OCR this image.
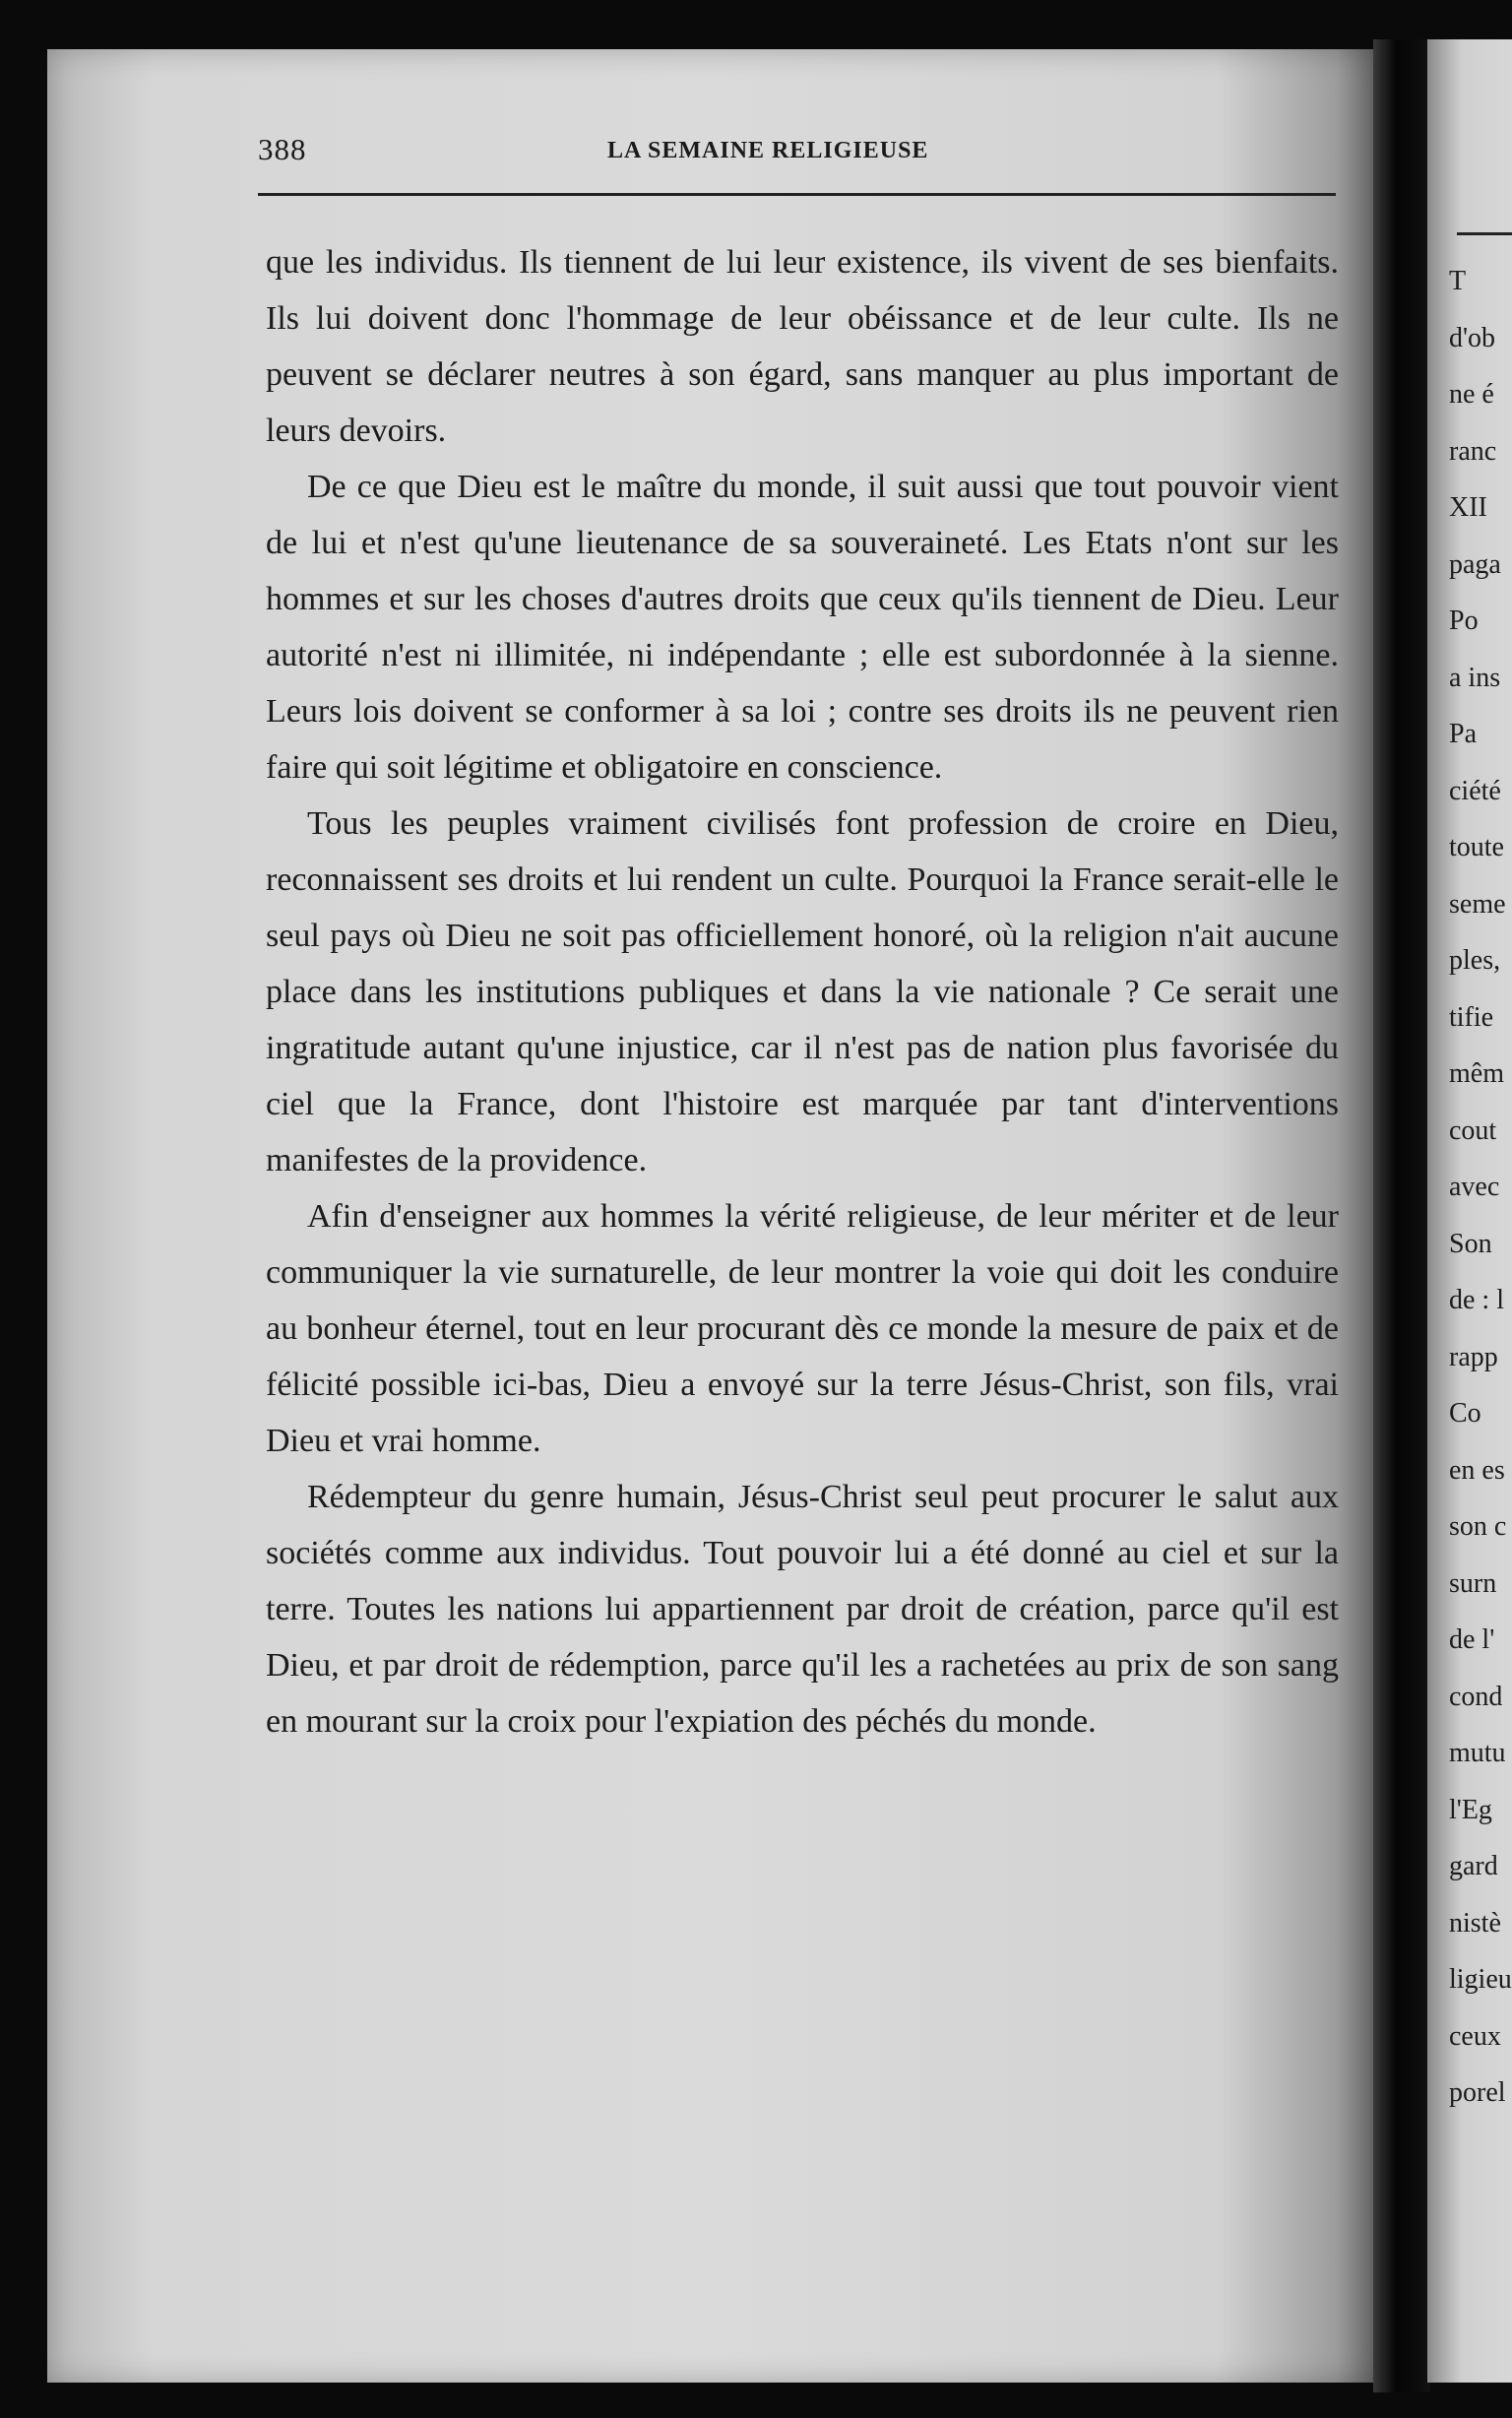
388	LA SEMAINE RELIGIEUSE

que les individus. Ils tiennent de lui leur existence, ils vivent de ses bienfaits. Ils lui doivent donc l'hommage de leur obéissance et de leur culte. Ils ne peuvent se déclarer neutres à son égard, sans manquer au plus important de leurs devoirs.

De ce que Dieu est le maître du monde, il suit aussi que tout pouvoir vient de lui et n'est qu'une lieutenance de sa souveraineté. Les Etats n'ont sur les hommes et sur les choses d'autres droits que ceux qu'ils tiennent de Dieu. Leur autorité n'est ni illimitée, ni indépendante ; elle est subordonnée à la sienne. Leurs lois doivent se conformer à sa loi ; contre ses droits ils ne peuvent rien faire qui soit légitime et obligatoire en conscience.

Tous les peuples vraiment civilisés font profession de croire en Dieu, reconnaissent ses droits et lui rendent un culte. Pourquoi la France serait-elle le seul pays où Dieu ne soit pas officiellement honoré, où la religion n'ait aucune place dans les institutions publiques et dans la vie nationale ? Ce serait une ingratitude autant qu'une injustice, car il n'est pas de nation plus favorisée du ciel que la France, dont l'histoire est marquée par tant d'interventions manifestes de la providence.

Afin d'enseigner aux hommes la vérité religieuse, de leur mériter et de leur communiquer la vie surnaturelle, de leur montrer la voie qui doit les conduire au bonheur éternel, tout en leur procurant dès ce monde la mesure de paix et de félicité possible ici-bas, Dieu a envoyé sur la terre Jésus-Christ, son fils, vrai Dieu et vrai homme.

Rédempteur du genre humain, Jésus-Christ seul peut procurer le salut aux sociétés comme aux individus. Tout pouvoir lui a été donné au ciel et sur la terre. Toutes les nations lui appartiennent par droit de création, parce qu'il est Dieu, et par droit de rédemption, parce qu'il les a rachetées au prix de son sang en mourant sur la croix pour l'expiation des péchés du monde.

T
d'ob
ne é
ranc
XII
paga
Po
a ins
Pa
ciété
toute
seme
ples,
tifie
mêm
cout
avec
Son
de : l
rapp
Co
en es
son c
surn
de l'
cond
mutu
l'Eg
gard
nistè
ligieu
ceux
porel
